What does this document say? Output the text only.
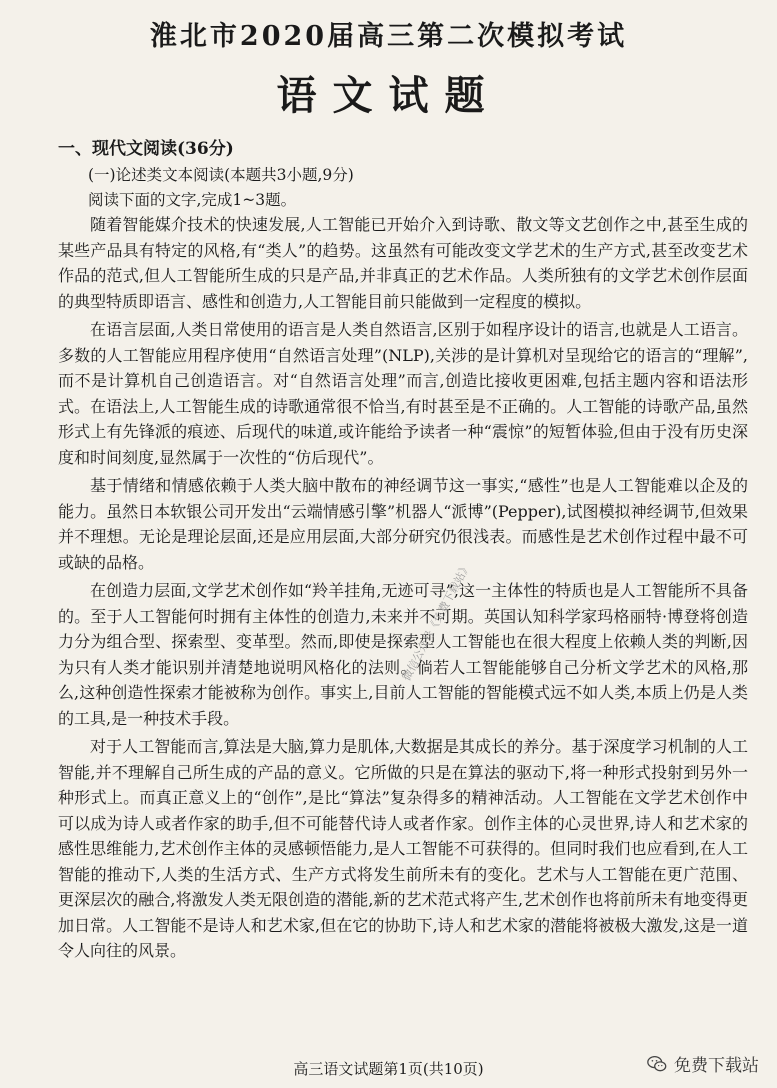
淮北市2020届高三第二次模拟考试
语文试题
一、现代文阅读(36分)
(一)论述类文本阅读(本题共3小题,9分)
阅读下面的文字,完成1~3题。

随着智能媒介技术的快速发展,人工智能已开始介入到诗歌、散文等文艺创作之中,甚至生成的某些产品具有特定的风格,有“类人”的趋势。这虽然有可能改变文学艺术的生产方式,甚至改变艺术作品的范式,但人工智能所生成的只是产品,并非真正的艺术作品。人类所独有的文学艺术创作层面的典型特质即语言、感性和创造力,人工智能目前只能做到一定程度的模拟。

在语言层面,人类日常使用的语言是人类自然语言,区别于如程序设计的语言,也就是人工语言。多数的人工智能应用程序使用“自然语言处理”(NLP),关涉的是计算机对呈现给它的语言的“理解”,而不是计算机自己创造语言。对“自然语言处理”而言,创造比接收更困难,包括主题内容和语法形式。在语法上,人工智能生成的诗歌通常很不恰当,有时甚至是不正确的。人工智能的诗歌产品,虽然形式上有先锋派的痕迹、后现代的味道,或许能给予读者一种“震惊”的短暂体验,但由于没有历史深度和时间刻度,显然属于一次性的“仿后现代”。

基于情绪和情感依赖于人类大脑中散布的神经调节这一事实,“感性”也是人工智能难以企及的能力。虽然日本软银公司开发出“云端情感引擎”机器人“派博”(Pepper),试图模拟神经调节,但效果并不理想。无论是理论层面,还是应用层面,大部分研究仍很浅表。而感性是艺术创作过程中最不可或缺的品格。

在创造力层面,文学艺术创作如“羚羊挂角,无迹可寻”,这一主体性的特质也是人工智能所不具备的。至于人工智能何时拥有主体性的创造力,未来并不可期。英国认知科学家玛格丽特·博登将创造力分为组合型、探索型、变革型。然而,即使是探索型人工智能也在很大程度上依赖人类的判断,因为只有人类才能识别并清楚地说明风格化的法则。倘若人工智能能够自己分析文学艺术的风格,那么,这种创造性探索才能被称为创作。事实上,目前人工智能的智能模式远不如人类,本质上仍是人类的工具,是一种技术手段。

对于人工智能而言,算法是大脑,算力是肌体,大数据是其成长的养分。基于深度学习机制的人工智能,并不理解自己所生成的产品的意义。它所做的只是在算法的驱动下,将一种形式投射到另外一种形式上。而真正意义上的“创作”,是比“算法”复杂得多的精神活动。人工智能在文学艺术创作中可以成为诗人或者作家的助手,但不可能替代诗人或者作家。创作主体的心灵世界,诗人和艺术家的感性思维能力,艺术创作主体的灵感顿悟能力,是人工智能不可获得的。但同时我们也应看到,在人工智能的推动下,人类的生活方式、生产方式将发生前所未有的变化。艺术与人工智能在更广范围、更深层次的融合,将激发人类无限创造的潜能,新的艺术范式将产生,艺术创作也将前所未有地变得更加日常。人工智能不是诗人和艺术家,但在它的协助下,诗人和艺术家的潜能将被极大激发,这是一道令人向往的风景。

微信公众号《免费下载站》
高三语文试题第1页(共10页)	免费下载站
